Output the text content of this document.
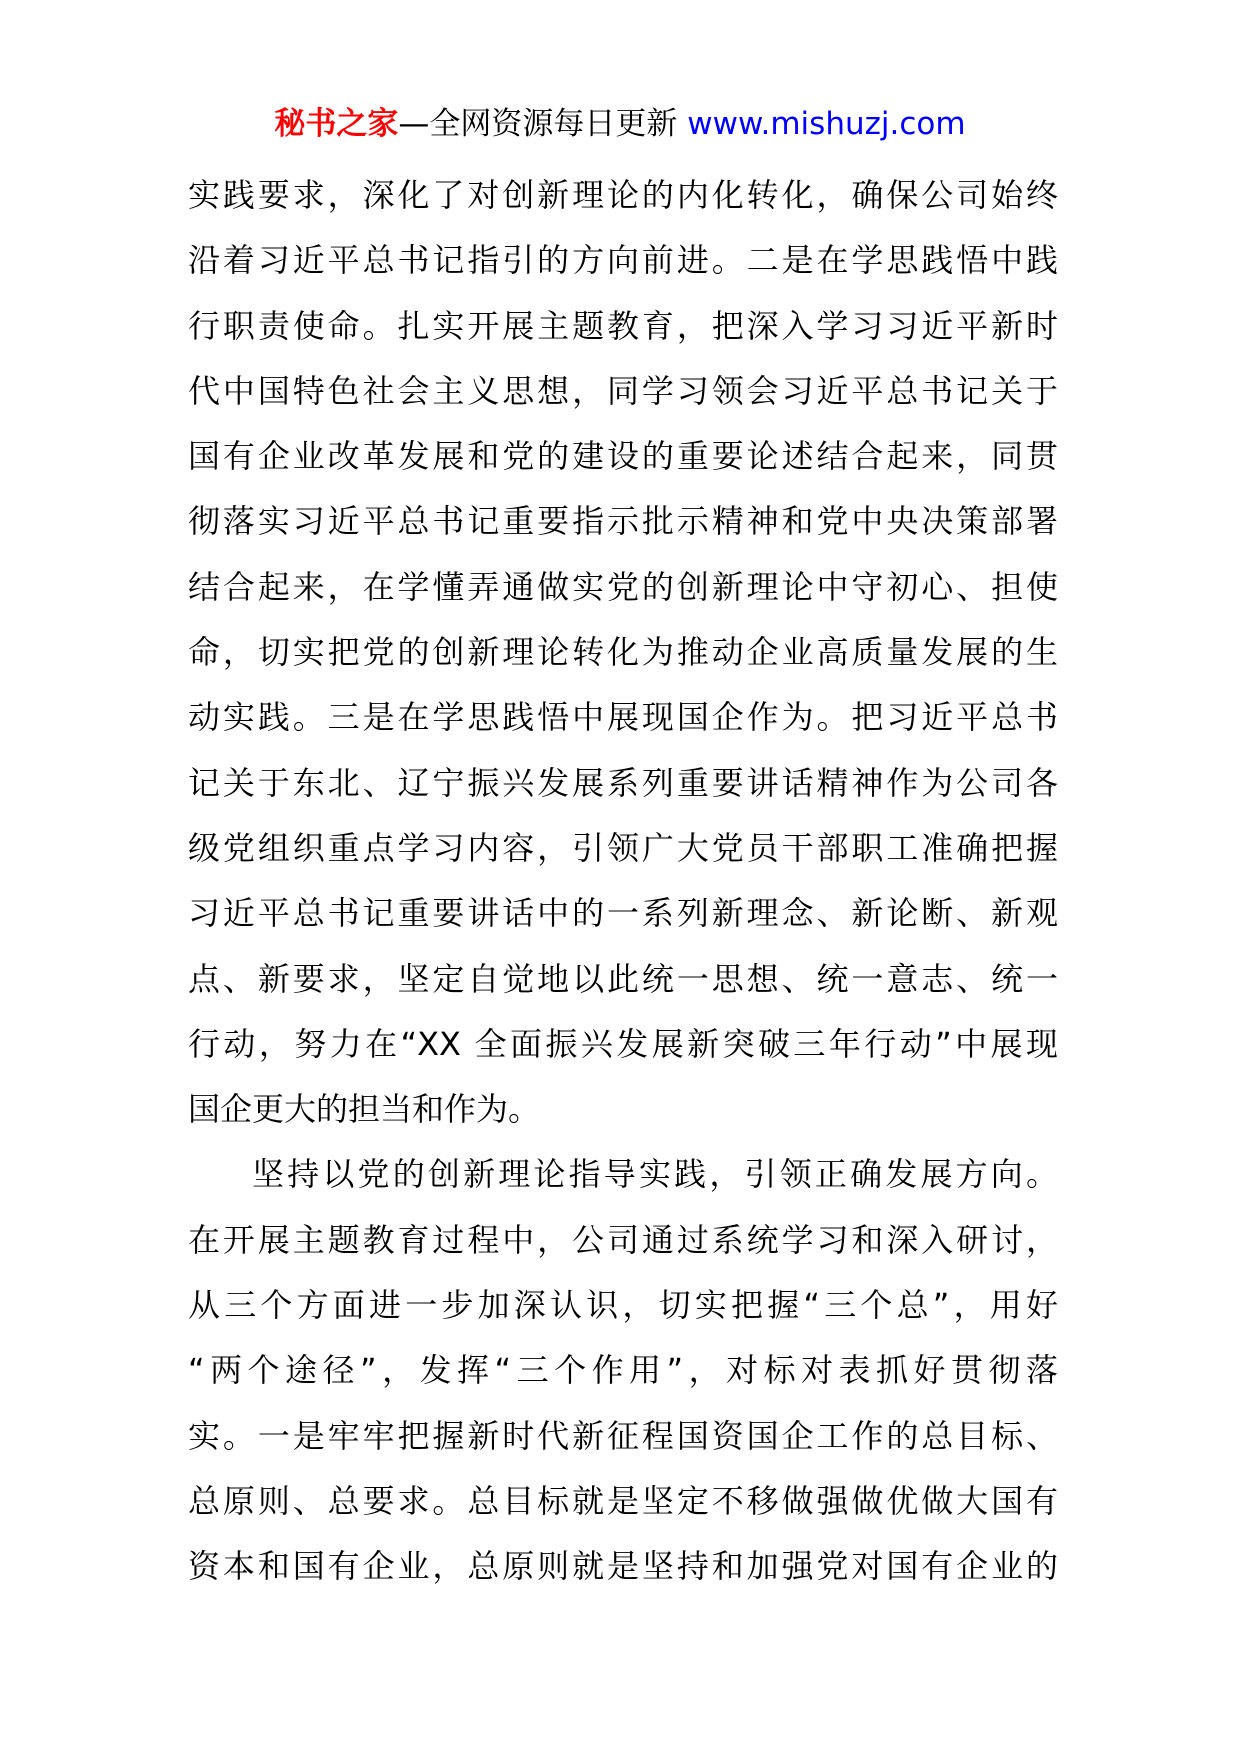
秘书之家—全网资源每日更新 www.mishuzj.com
实践要求，深化了对创新理论的内化转化，确保公司始终
沿着习近平总书记指引的方向前进。二是在学思践悟中践
行职责使命。扎实开展主题教育，把深入学习习近平新时
代中国特色社会主义思想，同学习领会习近平总书记关于
国有企业改革发展和党的建设的重要论述结合起来，同贯
彻落实习近平总书记重要指示批示精神和党中央决策部署
结合起来，在学懂弄通做实党的创新理论中守初心、担使
命，切实把党的创新理论转化为推动企业高质量发展的生
动实践。三是在学思践悟中展现国企作为。把习近平总书
记关于东北、辽宁振兴发展系列重要讲话精神作为公司各
级党组织重点学习内容，引领广大党员干部职工准确把握
习近平总书记重要讲话中的一系列新理念、新论断、新观
点、新要求，坚定自觉地以此统一思想、统一意志、统一
行动，努力在“XX 全面振兴发展新突破三年行动”中展现
国企更大的担当和作为。
坚持以党的创新理论指导实践，引领正确发展方向。
在开展主题教育过程中，公司通过系统学习和深入研讨，
从三个方面进一步加深认识，切实把握“三个总”，用好
“两个途径”，发挥“三个作用”，对标对表抓好贯彻落
实。一是牢牢把握新时代新征程国资国企工作的总目标、
总原则、总要求。总目标就是坚定不移做强做优做大国有
资本和国有企业，总原则就是坚持和加强党对国有企业的
